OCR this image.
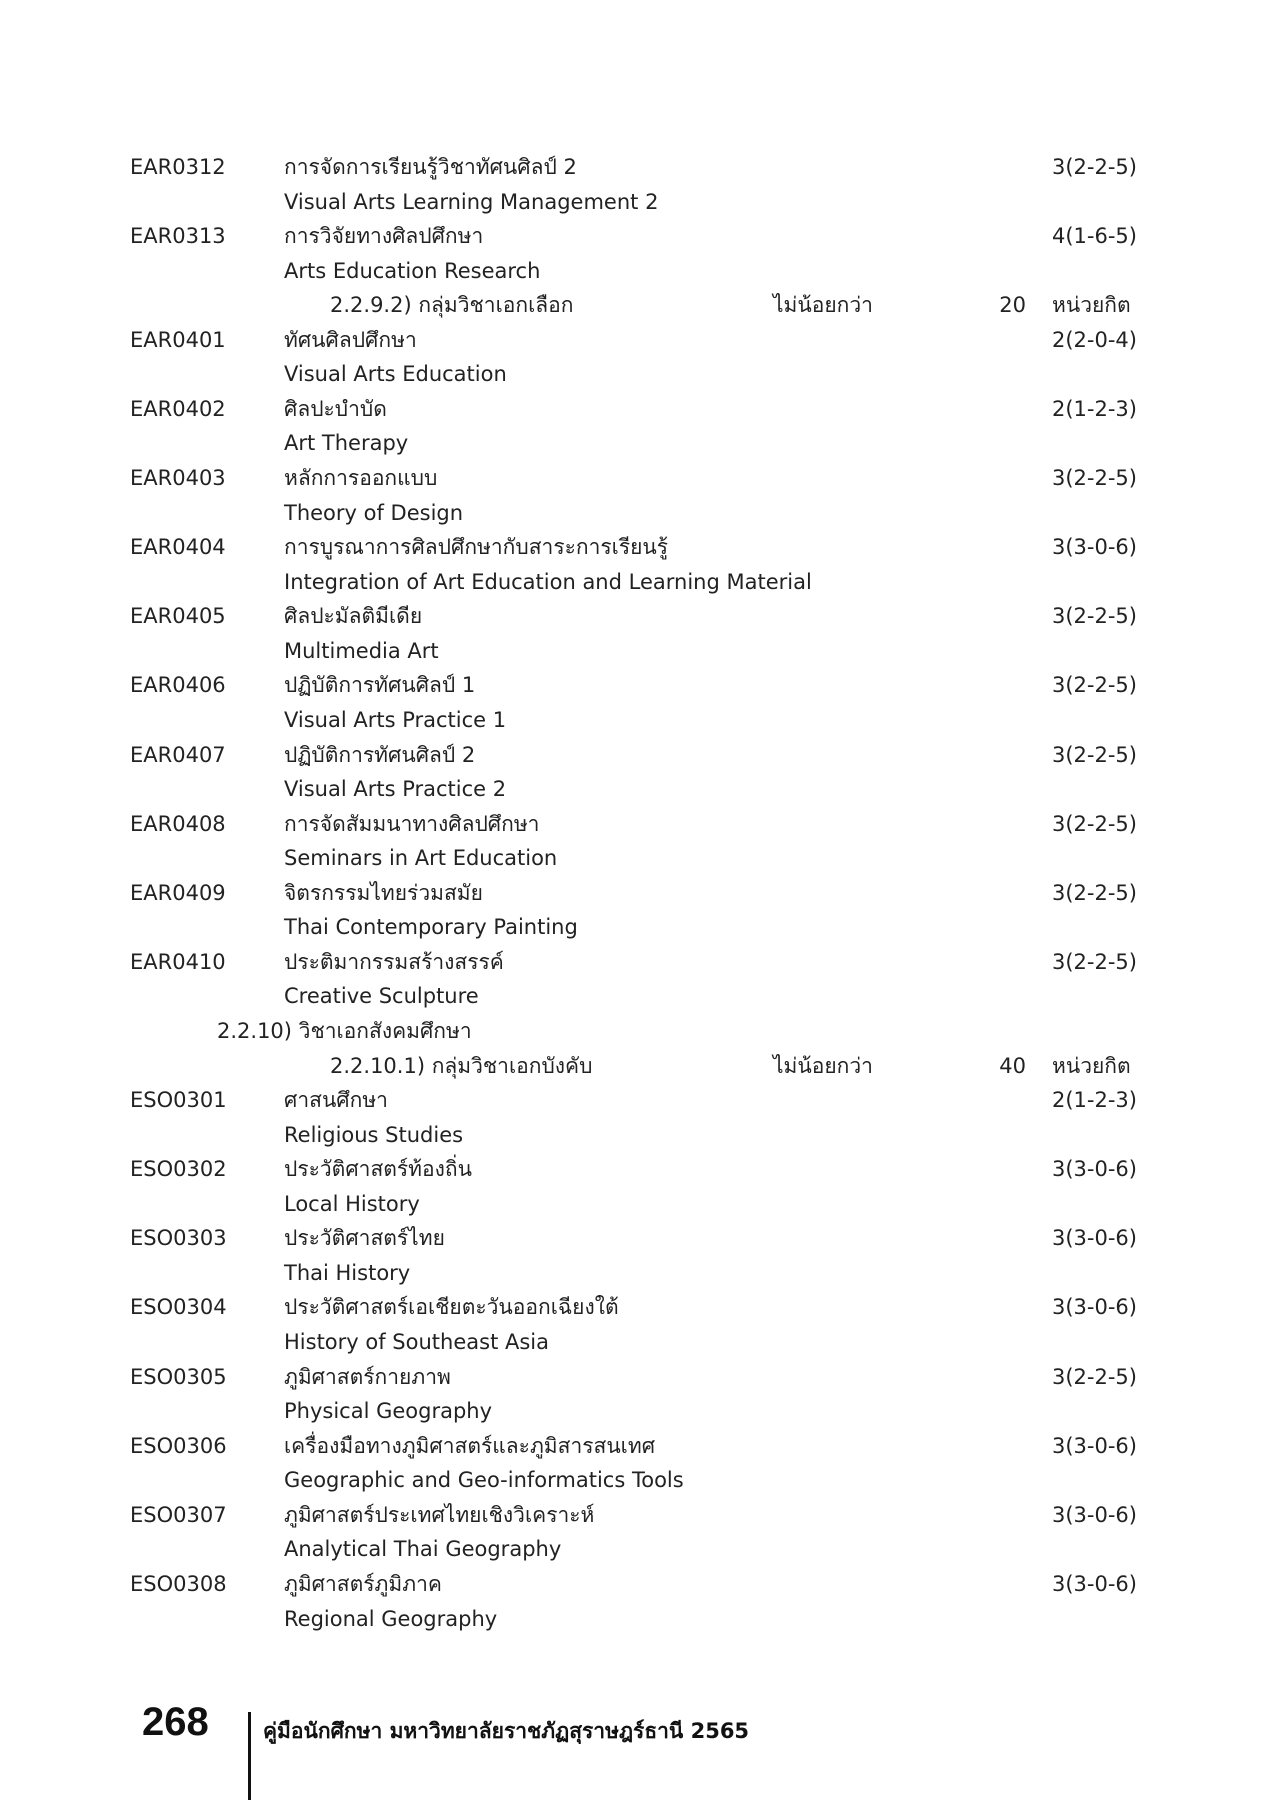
EAR0312	การจัดการเรียนรู้วิชาทัศนศิลป์ 2	3(2-2-5)
Visual Arts Learning Management 2
EAR0313	การวิจัยทางศิลปศึกษา	4(1-6-5)
Arts Education Research
2.2.9.2) กลุ่มวิชาเอกเลือก	ไม่น้อยกว่า	20 หน่วยกิต
EAR0401	ทัศนศิลปศึกษา	2(2-0-4)
Visual Arts Education
EAR0402	ศิลปะบำบัด	2(1-2-3)
Art Therapy
EAR0403	หลักการออกแบบ	3(2-2-5)
Theory of Design
EAR0404	การบูรณาการศิลปศึกษากับสาระการเรียนรู้	3(3-0-6)
Integration of Art Education and Learning Material
EAR0405	ศิลปะมัลติมีเดีย	3(2-2-5)
Multimedia Art
EAR0406	ปฏิบัติการทัศนศิลป์ 1	3(2-2-5)
Visual Arts Practice 1
EAR0407	ปฏิบัติการทัศนศิลป์ 2	3(2-2-5)
Visual Arts Practice 2
EAR0408	การจัดสัมมนาทางศิลปศึกษา	3(2-2-5)
Seminars in Art Education
EAR0409	จิตรกรรมไทยร่วมสมัย	3(2-2-5)
Thai Contemporary Painting
EAR0410	ประติมากรรมสร้างสรรค์	3(2-2-5)
Creative Sculpture
2.2.10) วิชาเอกสังคมศึกษา
2.2.10.1) กลุ่มวิชาเอกบังคับ	ไม่น้อยกว่า	40 หน่วยกิต
ESO0301	ศาสนศึกษา	2(1-2-3)
Religious Studies
ESO0302	ประวัติศาสตร์ท้องถิ่น	3(3-0-6)
Local History
ESO0303	ประวัติศาสตร์ไทย	3(3-0-6)
Thai History
ESO0304	ประวัติศาสตร์เอเชียตะวันออกเฉียงใต้	3(3-0-6)
History of Southeast Asia
ESO0305	ภูมิศาสตร์กายภาพ	3(2-2-5)
Physical Geography
ESO0306	เครื่องมือทางภูมิศาสตร์และภูมิสารสนเทศ	3(3-0-6)
Geographic and Geo-informatics Tools
ESO0307	ภูมิศาสตร์ประเทศไทยเชิงวิเคราะห์	3(3-0-6)
Analytical Thai Geography
ESO0308	ภูมิศาสตร์ภูมิภาค	3(3-0-6)
Regional Geography
268	คู่มือนักศึกษา มหาวิทยาลัยราชภัฏสุราษฎร์ธานี 2565
